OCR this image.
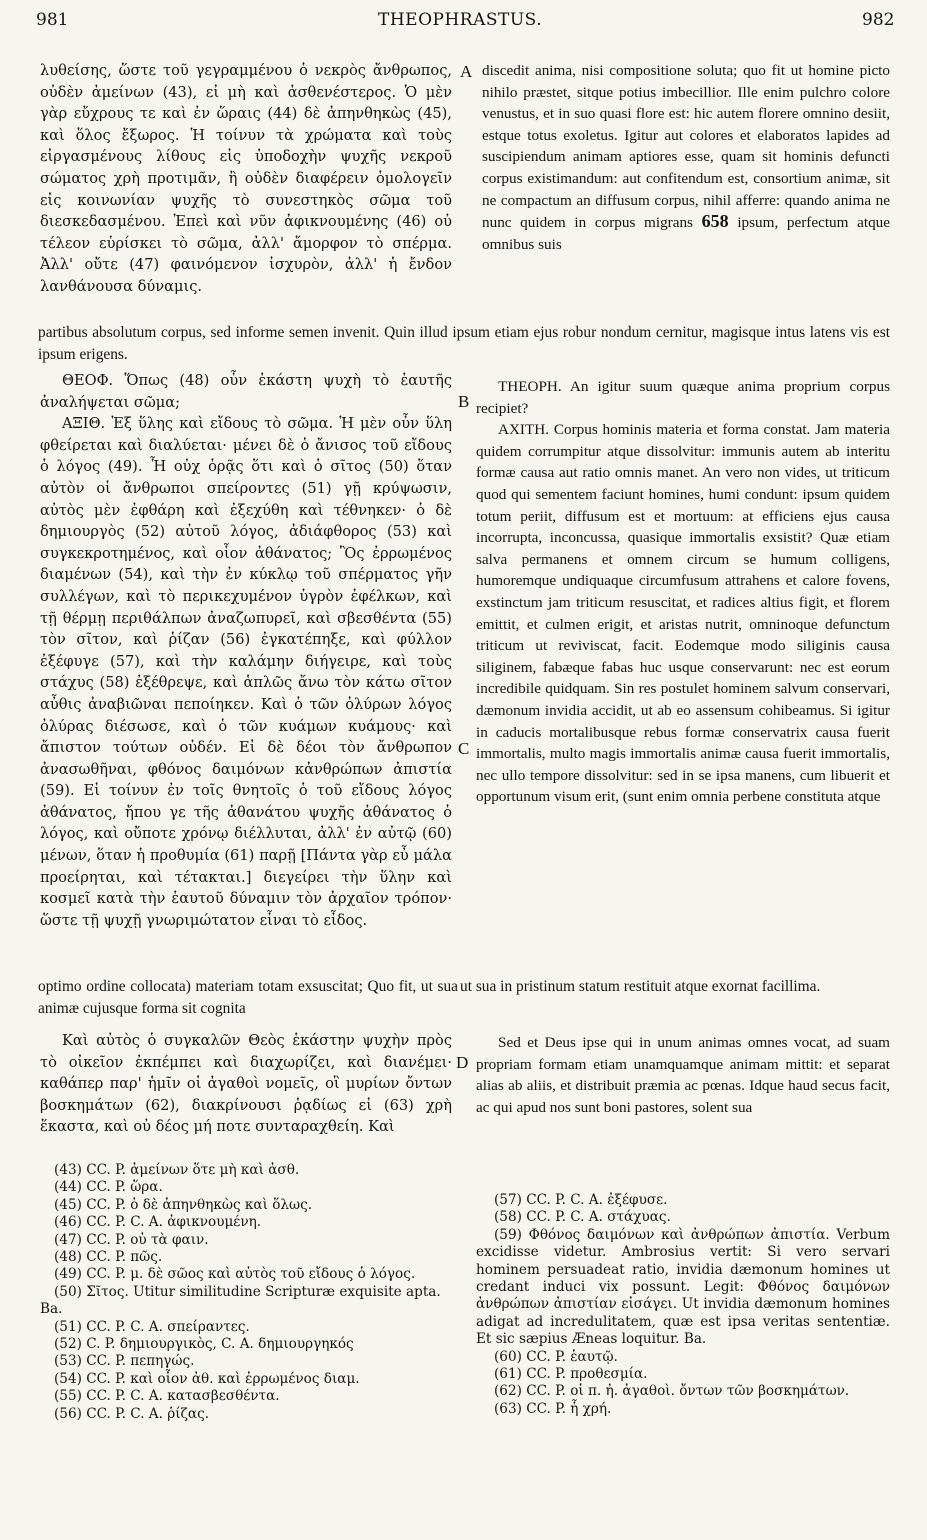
981	THEOPHRASTUS.	982
A
B
C
D
λυθείσης, ὥστε τοῦ γεγραμμένου ὁ νεκρὸς ἄνθρωπος, οὐδὲν ἀμείνων (43), εἰ μὴ καὶ ἀσθενέστερος. Ὁ μὲν γὰρ εὔχρους τε καὶ ἐν ὥραις (44) δὲ ἀπηνθηκὼς (45), καὶ ὅλος ἔξωρος. Ἡ τοίνυν τὰ χρώματα καὶ τοὺς εἰργασμένους λίθους εἰς ὑποδοχὴν ψυχῆς νεκροῦ σώματος χρὴ προτιμᾶν, ἢ οὐδὲν διαφέρειν ὁμολογεῖν εἰς κοινωνίαν ψυχῆς τὸ συνεστηκὸς σῶμα τοῦ διεσκεδασμένου. Ἐπεὶ καὶ νῦν ἀφικνουμένης (46) οὐ τέλεον εὑρίσκει τὸ σῶμα, ἀλλ' ἄμορφον τὸ σπέρμα. Ἀλλ' οὔτε (47) φαινόμενον ἰσχυρὸν, ἀλλ' ἡ ἔνδον λανθάνουσα δύναμις.
discedit anima, nisi compositione soluta; quo fit ut homine picto nihilo præstet, sitque potius imbecillior. Ille enim pulchro colore venustus, et in suo quasi flore est: hic autem florere omnino desiit, estque totus exoletus. Igitur aut colores et elaboratos lapides ad suscipiendum animam aptiores esse, quam sit hominis defuncti corpus existimandum: aut confitendum est, consortium animæ, sit ne compactum an diffusum corpus, nihil afferre: quando anima ne nunc quidem in corpus migrans 658 ipsum, perfectum atque omnibus suis
partibus absolutum corpus, sed informe semen invenit. Quin illud ipsum etiam ejus robur nondum cernitur, magisque intus latens vis est ipsum erigens.

ΘΕΟΦ. Ὅπως (48) οὖν ἑκάστη ψυχὴ τὸ ἑαυτῆς ἀναλήψεται σῶμα;

ΑΞΙΘ. Ἐξ ὕλης καὶ εἴδους τὸ σῶμα. Ἡ μὲν οὖν ὕλη φθείρεται καὶ διαλύεται· μένει δὲ ὁ ἄνισος τοῦ εἴδους ὁ λόγος (49). Ἦ οὐχ ὁρᾷς ὅτι καὶ ὁ σῖτος (50) ὅταν αὐτὸν οἱ ἄνθρωποι σπείροντες (51) γῇ κρύψωσιν, αὐτὸς μὲν ἐφθάρη καὶ ἐξεχύθη καὶ τέθνηκεν· ὁ δὲ δημιουργὸς (52) αὐτοῦ λόγος, ἀδιάφθορος (53) καὶ συγκεκροτημένος, καὶ οἷον ἀθάνατος; Ὃς ἐρρωμένος διαμένων (54), καὶ τὴν ἐν κύκλῳ τοῦ σπέρματος γῆν συλλέγων, καὶ τὸ περικεχυμένον ὑγρὸν ἐφέλκων, καὶ τῇ θέρμῃ περιθάλπων ἀναζωπυρεῖ, καὶ σβεσθέντα (55) τὸν σῖτον, καὶ ῥίζαν (56) ἐγκατέπηξε, καὶ φύλλον ἐξέφυγε (57), καὶ τὴν καλάμην διήγειρε, καὶ τοὺς στάχυς (58) ἐξέθρεψε, καὶ ἁπλῶς ἄνω τὸν κάτω σῖτον αὖθις ἀναβιῶναι πεποίηκεν. Καὶ ὁ τῶν ὀλύρων λόγος ὀλύρας διέσωσε, καὶ ὁ τῶν κυάμων κυάμους· καὶ ἄπιστον τούτων οὐδέν. Εἰ δὲ δέοι τὸν ἄνθρωπον ἀνασωθῆναι, φθόνος δαιμόνων κἀνθρώπων ἀπιστία (59). Εἰ τοίνυν ἐν τοῖς θνητοῖς ὁ τοῦ εἴδους λόγος ἀθάνατος, ἤπου γε τῆς ἀθανάτου ψυχῆς ἀθάνατος ὁ λόγος, καὶ οὔποτε χρόνῳ διέλλυται, ἀλλ' ἐν αὐτῷ (60) μένων, ὅταν ἡ προθυμία (61) παρῇ [Πάντα γὰρ εὖ μάλα προείρηται, καὶ τέτακται.] διεγείρει τὴν ὕλην καὶ κοσμεῖ κατὰ τὴν ἑαυτοῦ δύναμιν τὸν ἀρχαῖον τρόπον· ὥστε τῇ ψυχῇ γνωριμώτατον εἶναι τὸ εἶδος.

THEOPH. An igitur suum quæque anima proprium corpus recipiet?

AXITH. Corpus hominis materia et forma constat. Jam materia quidem corrumpitur atque dissolvitur: immunis autem ab interitu formæ causa aut ratio omnis manet. An vero non vides, ut triticum quod qui sementem faciunt homines, humi condunt: ipsum quidem totum periit, diffusum est et mortuum: at efficiens ejus causa incorrupta, inconcussa, quasique immortalis exsistit? Quæ etiam salva permanens et omnem circum se humum colligens, humoremque undiquaque circumfusum attrahens et calore fovens, exstinctum jam triticum resuscitat, et radices altius figit, et florem emittit, et culmen erigit, et aristas nutrit, omninoque defunctum triticum ut reviviscat, facit. Eodemque modo siliginis causa siliginem, fabæque fabas huc usque conservarunt: nec est eorum incredibile quidquam. Sin res postulet hominem salvum conservari, dæmonum invidia accidit, ut ab eo assensum cohibeamus. Si igitur in caducis mortalibusque rebus formæ conservatrix causa fuerit immortalis, multo magis immortalis animæ causa fuerit immortalis, nec ullo tempore dissolvitur: sed in se ipsa manens, cum libuerit et opportunum visum erit, (sunt enim omnia perbene constituta atque

optimo ordine collocata) materiam totam exsuscitat; Quo fit, ut sua animæ cujusque forma sit cognita
ut sua in pristinum statum restituit atque exornat facillima.
Καὶ αὐτὸς ὁ συγκαλῶν Θεὸς ἑκάστην ψυχὴν πρὸς τὸ οἰκεῖον ἐκπέμπει καὶ διαχωρίζει, καὶ διανέμει· καθάπερ παρ' ἡμῖν οἱ ἀγαθοὶ νομεῖς, οἳ μυρίων ὄντων βοσκημάτων (62), διακρίνουσι ῥᾳδίως εἰ (63) χρὴ ἕκαστα, καὶ οὐ δέος μή ποτε συνταραχθείη. Καὶ
Sed et Deus ipse qui in unum animas omnes vocat, ad suam propriam formam etiam unamquamque animam mittit: et separat alias ab aliis, et distribuit præmia ac pœnas. Idque haud secus facit, ac qui apud nos sunt boni pastores, solent sua
(43) CC. P. ἀμείνων ὅτε μὴ καὶ ἀσθ.
(44) CC. P. ὥρα.
(45) CC. P. ὁ δὲ ἀπηνθηκὼς καὶ ὅλως.
(46) CC. P. C. A. ἀφικνουμένη.
(47) CC. P. οὐ τὰ φαιν.
(48) CC. P. πῶς.
(49) CC. P. μ. δὲ σῶος καὶ αὐτὸς τοῦ εἴδους ὁ λόγος.
(50) Σῖτος. Utitur similitudine Scripturæ exquisite apta. Ba.
(51) CC. P. C. A. σπείραντες.
(52) C. P. δημιουργικὸς, C. A. δημιουργηκός
(53) CC. P. πεπηγώς.
(54) CC. P. καὶ οἷον ἀθ. καὶ ἐρρωμένος διαμ.
(55) CC. P. C. A. κατασβεσθέντα.
(56) CC. P. C. A. ῥίζας.
(57) CC. P. C. A. ἐξέφυσε.
(58) CC. P. C. A. στάχυας.
(59) Φθόνος δαιμόνων καὶ ἀνθρώπων ἀπιστία. Verbum excidisse videtur. Ambrosius vertit: Si vero servari hominem persuadeat ratio, invidia dæmonum homines ut credant induci vix possunt. Legit: Φθόνος δαιμόνων ἀνθρώπων ἀπιστίαν εἰσάγει. Ut invidia dæmonum homines adigat ad incredulitatem, quæ est ipsa veritas sententiæ. Et sic sæpius Æneas loquitur. Ba.
(60) CC. P. ἑαυτῷ.
(61) CC. P. προθεσμία.
(62) CC. P. οἱ π. ἠ. ἀγαθοὶ. ὄντων τῶν βοσκημάτων.
(63) CC. P. ἧ χρή.
